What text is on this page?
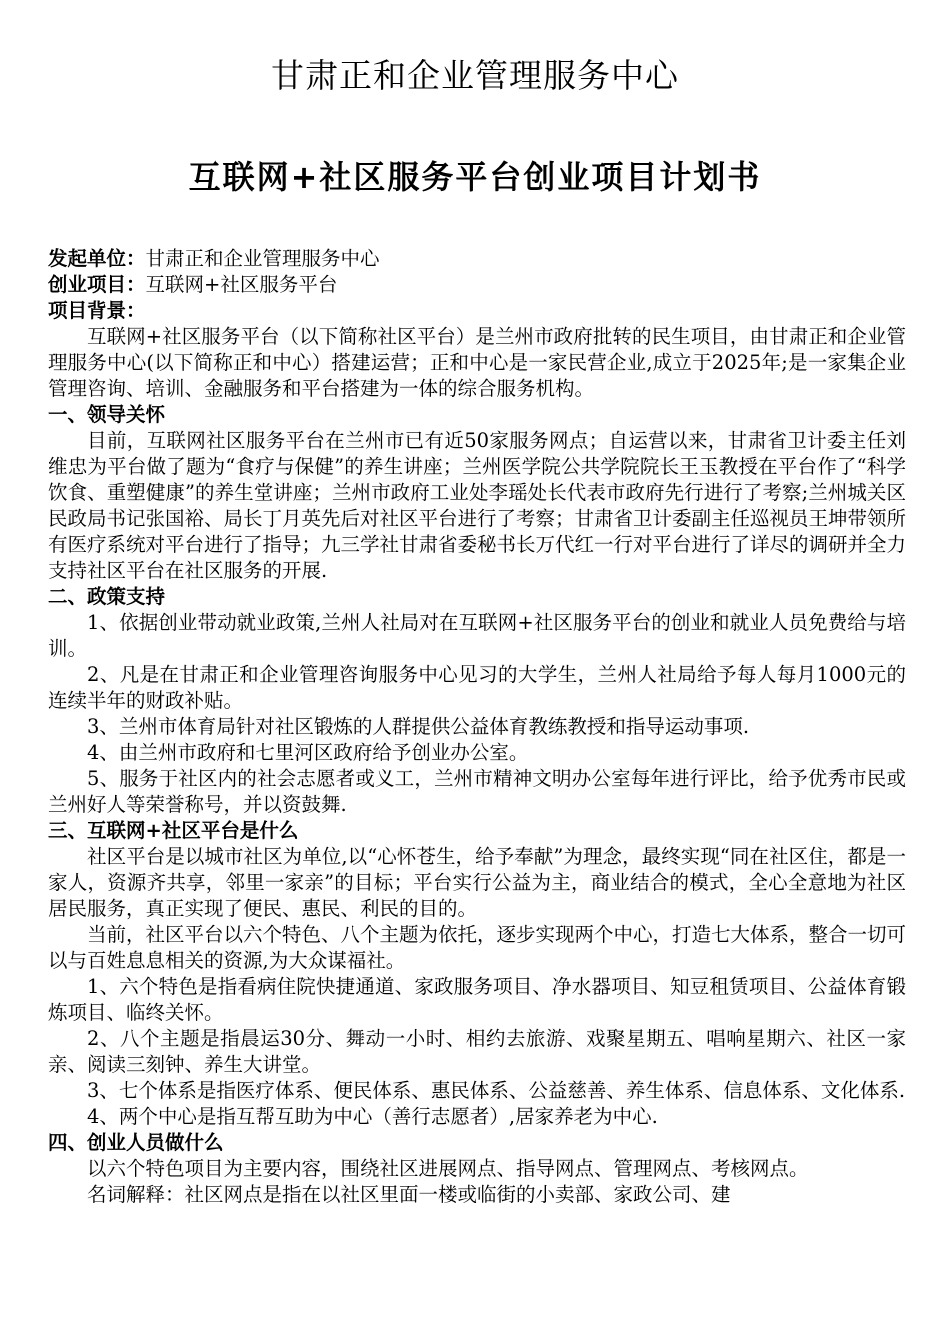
甘肃正和企业管理服务中心
互联网+社区服务平台创业项目计划书

发起单位：甘肃正和企业管理服务中心

创业项目：互联网+社区服务平台

项目背景：

互联网+社区服务平台（以下简称社区平台）是兰州市政府批转的民生项目，由甘肃正和企业管理服务中心(以下简称正和中心）搭建运营；正和中心是一家民营企业,成立于2025年;是一家集企业管理咨询、培训、金融服务和平台搭建为一体的综合服务机构。

一、领导关怀

目前，互联网社区服务平台在兰州市已有近50家服务网点；自运营以来，甘肃省卫计委主任刘维忠为平台做了题为“食疗与保健”的养生讲座；兰州医学院公共学院院长王玉教授在平台作了“科学饮食、重塑健康”的养生堂讲座；兰州市政府工业处李瑶处长代表市政府先行进行了考察;兰州城关区民政局书记张国裕、局长丁月英先后对社区平台进行了考察；甘肃省卫计委副主任巡视员王坤带领所有医疗系统对平台进行了指导；九三学社甘肃省委秘书长万代红一行对平台进行了详尽的调研并全力支持社区平台在社区服务的开展.

二、政策支持

1、依据创业带动就业政策,兰州人社局对在互联网+社区服务平台的创业和就业人员免费给与培训。

2、凡是在甘肃正和企业管理咨询服务中心见习的大学生，兰州人社局给予每人每月1000元的连续半年的财政补贴。

3、兰州市体育局针对社区锻炼的人群提供公益体育教练教授和指导运动事项.

4、由兰州市政府和七里河区政府给予创业办公室。

5、服务于社区内的社会志愿者或义工，兰州市精神文明办公室每年进行评比，给予优秀市民或兰州好人等荣誉称号，并以资鼓舞.

三、互联网+社区平台是什么

社区平台是以城市社区为单位,以“心怀苍生，给予奉献”为理念，最终实现“同在社区住，都是一家人，资源齐共享，邻里一家亲”的目标；平台实行公益为主，商业结合的模式，全心全意地为社区居民服务，真正实现了便民、惠民、利民的目的。

当前，社区平台以六个特色、八个主题为依托，逐步实现两个中心，打造七大体系，整合一切可以与百姓息息相关的资源,为大众谋福社。

1、六个特色是指看病住院快捷通道、家政服务项目、净水器项目、知豆租赁项目、公益体育锻炼项目、临终关怀。

2、八个主题是指晨运30分、舞动一小时、相约去旅游、戏聚星期五、唱响星期六、社区一家亲、阅读三刻钟、养生大讲堂。

3、七个体系是指医疗体系、便民体系、惠民体系、公益慈善、养生体系、信息体系、文化体系.

4、两个中心是指互帮互助为中心（善行志愿者）,居家养老为中心.

四、创业人员做什么

以六个特色项目为主要内容，围绕社区进展网点、指导网点、管理网点、考核网点。

名词解释：社区网点是指在以社区里面一楼或临街的小卖部、家政公司、建
